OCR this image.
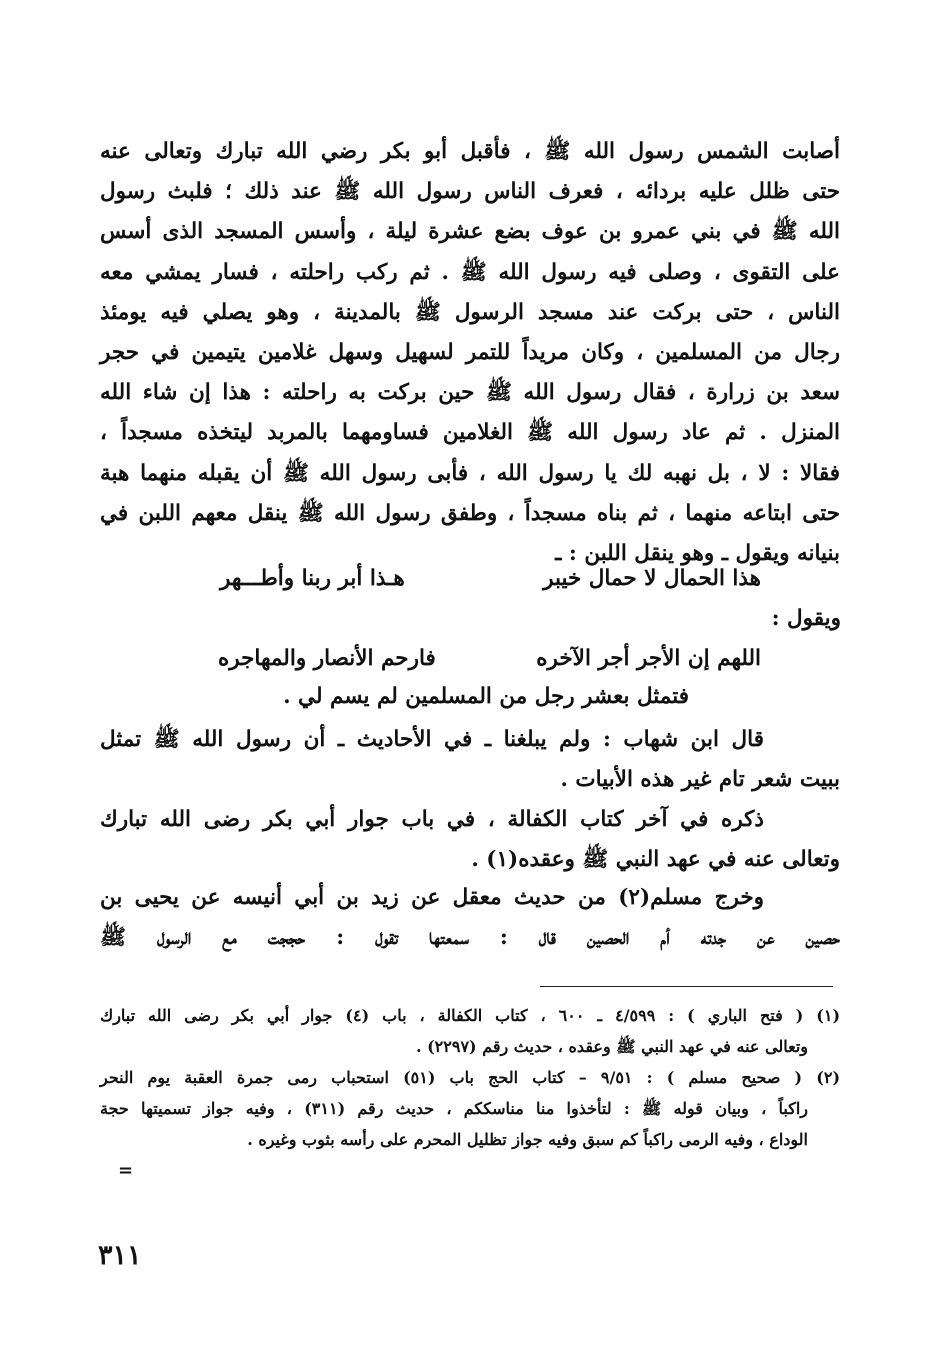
أصابت الشمس رسول الله ﷺ ، فأقبل أبو بكر رضي الله تبارك وتعالى عنه
حتى ظلل عليه بردائه ، فعرف الناس رسول الله ﷺ عند ذلك ؛ فلبث رسول
الله ﷺ في بني عمرو بن عوف بضع عشرة ليلة ، وأسس المسجد الذى أسس
على التقوى ، وصلى فيه رسول الله ﷺ . ثم ركب راحلته ، فسار يمشي معه
الناس ، حتى بركت عند مسجد الرسول ﷺ بالمدينة ، وهو يصلي فيه يومئذ
رجال من المسلمين ، وكان مريداً للتمر لسهيل وسهل غلامين يتيمين في حجر
سعد بن زرارة ، فقال رسول الله ﷺ حين بركت به راحلته : هذا إن شاء الله
المنزل . ثم عاد رسول الله ﷺ الغلامين فساومهما بالمربد ليتخذه مسجداً ،
فقالا : لا ، بل نهبه لك يا رسول الله ، فأبى رسول الله ﷺ أن يقبله منهما هبة
حتى ابتاعه منهما ، ثم بناه مسجداً ، وطفق رسول الله ﷺ ينقل معهم اللبن في
بنيانه ويقول ـ وهو ينقل اللبن : ـ
هذا الحمال لا حمال خيبر
هـذا أبر ربنا وأطـــهر
ويقول :
اللهم إن الأجر أجر الآخره
فارحم الأنصار والمهاجره
فتمثل بعشر رجل من المسلمين لم يسم لي .
قال ابن شهاب : ولم يبلغنا ـ في الأحاديث ـ أن رسول الله ﷺ تمثل
ببيت شعر تام غير هذه الأبيات .
ذكره في آخر كتاب الكفالة ، في باب جوار أبي بكر رضى الله تبارك
وتعالى عنه في عهد النبي ﷺ وعقده(١) .
وخرج مسلم(٢) من حديث معقل عن زيد بن أبي أنيسه عن يحيى بن
حصين عن جدته أم الحصين قال : سمعتها تقول : حججت مع الرسول ﷺ
(١) ( فتح الباري ) : ٤/٥٩٩ ـ ٦٠٠ ، كتاب الكفالة ، باب (٤) جوار أبي بكر رضى الله تبارك
وتعالى عنه في عهد النبي ﷺ وعقده ، حديث رقم (٢٢٩٧) .
(٢) ( صحيح مسلم ) : ٩/٥١ – كتاب الحج باب (٥١) استحباب رمى جمرة العقبة يوم النحر
راكباً ، وبيان قوله ﷺ : لتأخذوا منا مناسككم ، حديث رقم (٣١١) ، وفيه جواز تسميتها حجة
الوداع ، وفيه الرمى راكباً كم سبق وفيه جواز تظليل المحرم على رأسه بثوب وغيره .
=
٣١١
